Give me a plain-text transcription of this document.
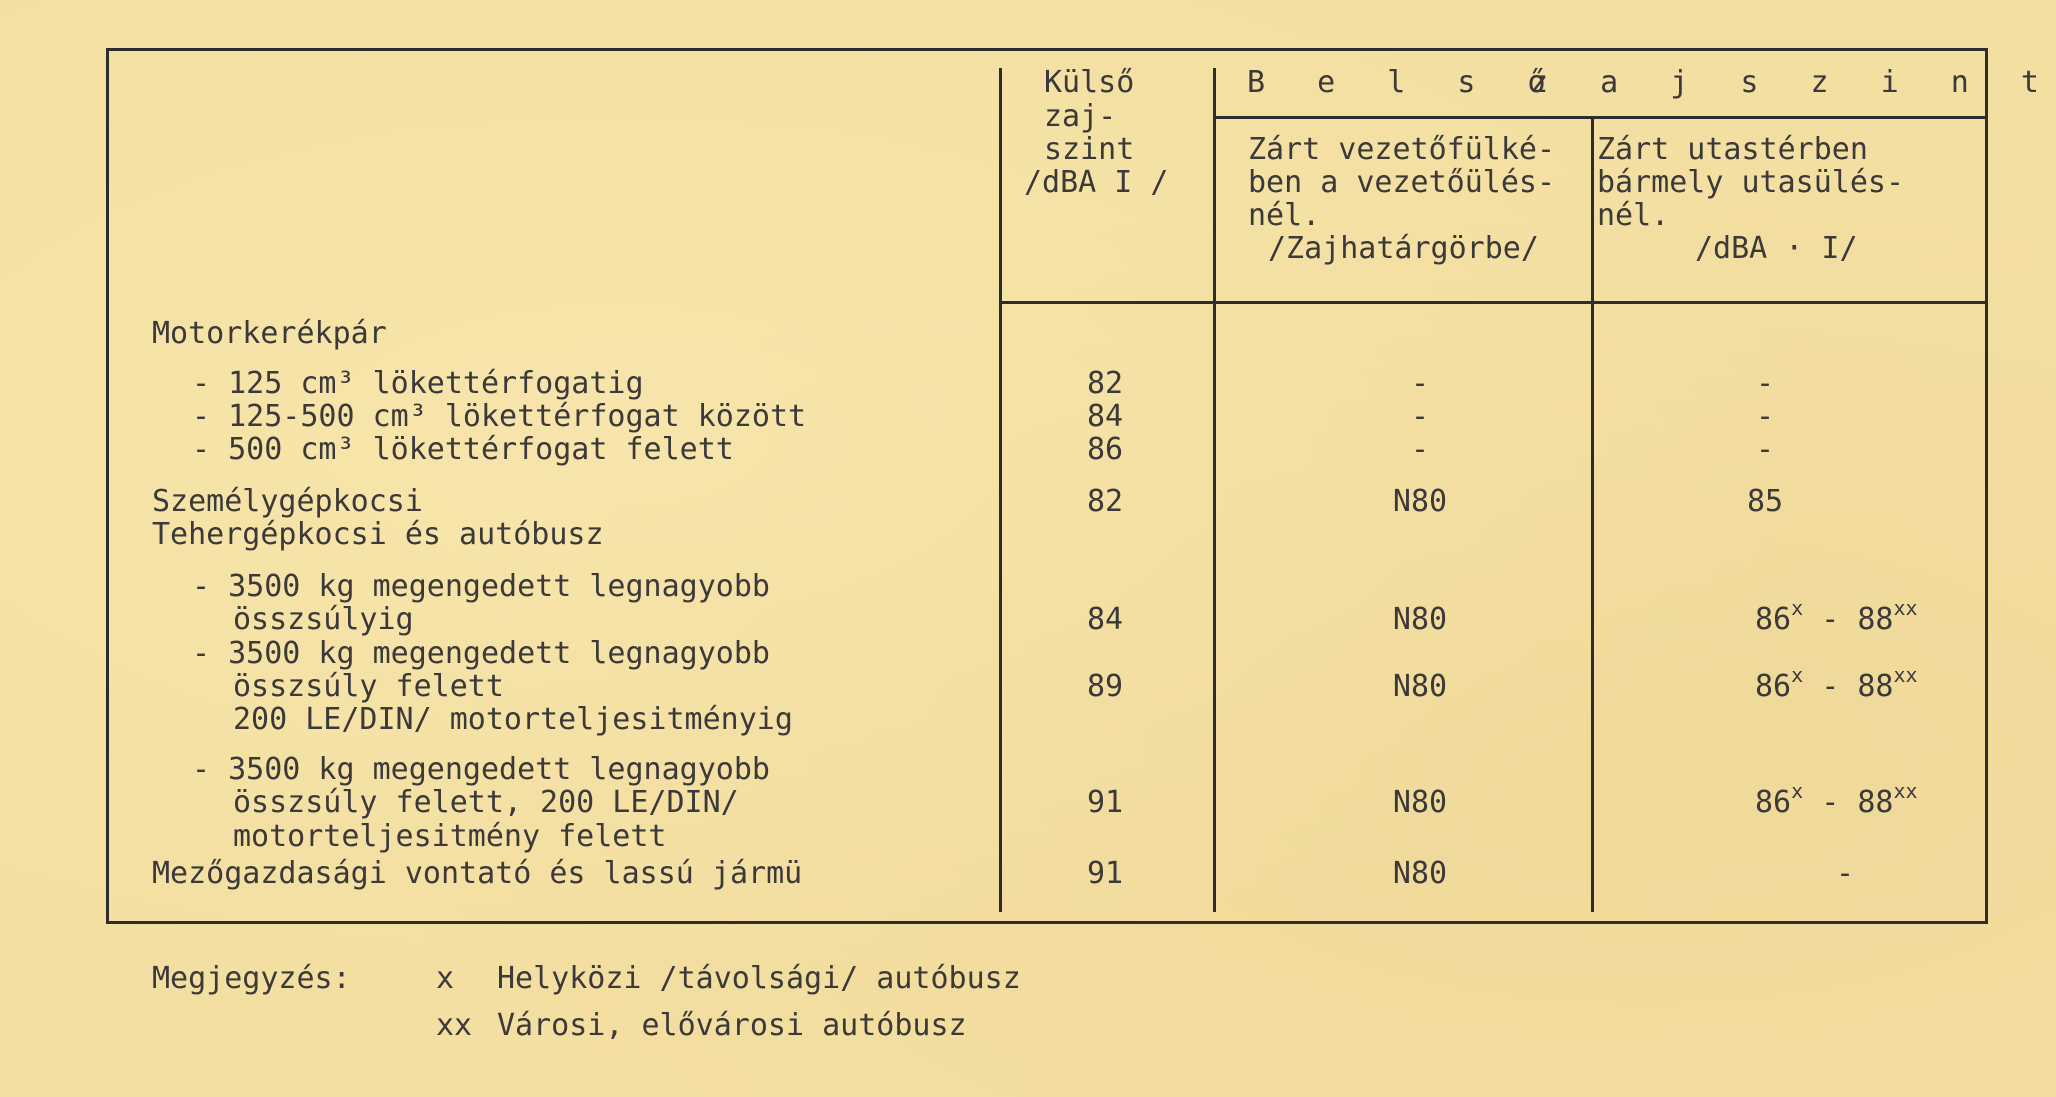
Külső
zaj-
szint
/dBA I /
B e l s ő
z a j s z i n t
Zárt vezetőfülké-
ben a vezetőülés-
nél.
/Zajhatárgörbe/
Zárt utastérben
bármely utasülés-
nél.
/dBA · I/
Motorkerékpár
- 125 cm³ lökettérfogatig
- 125-500 cm³ lökettérfogat között
- 500 cm³ lökettérfogat felett
Személygépkocsi
Tehergépkocsi és autóbusz
- 3500 kg megengedett legnagyobb
összsúlyig
- 3500 kg megengedett legnagyobb
összsúly felett
200 LE/DIN/ motorteljesitményig
- 3500 kg megengedett legnagyobb
összsúly felett, 200 LE/DIN/
motorteljesitmény felett
Mezőgazdasági vontató és lassú jármü
82
84
86
82
84
89
91
91
-
-
-
N80
N80
N80
N80
N80
-
-
-
85
86$^x$ - 88$^{xx}$
86$^x$ - 88$^{xx}$
86$^x$ - 88$^{xx}$
-
Megjegyzés:	x Helyközi /távolsági/ autóbusz
xx Városi, elővárosi autóbusz
